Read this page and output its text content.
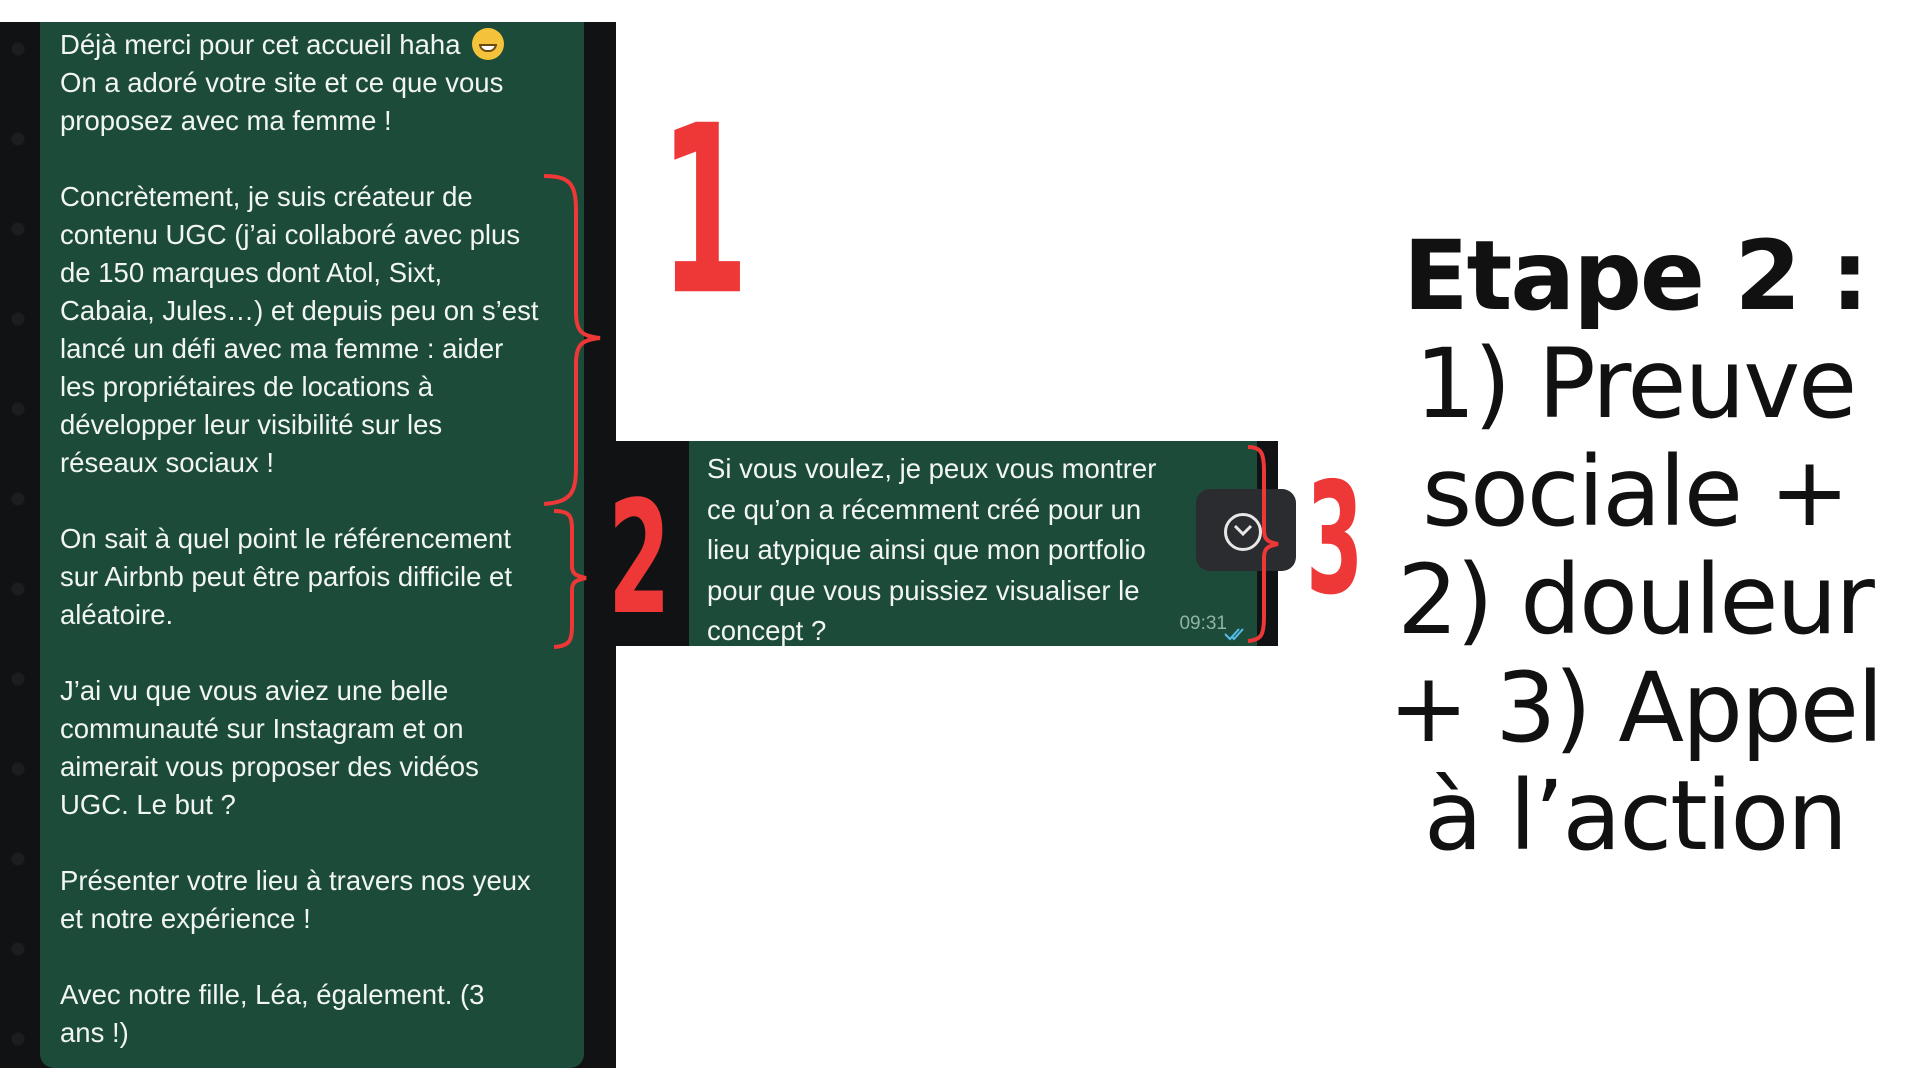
Déjà merci pour cet accueil haha
On a adoré votre site et ce que vous
proposez avec ma femme !

Concrètement, je suis créateur de
contenu UGC (j’ai collaboré avec plus
de 150 marques dont Atol, Sixt,
Cabaia, Jules…) et depuis peu on s’est
lancé un défi avec ma femme : aider
les propriétaires de locations à
développer leur visibilité sur les
réseaux sociaux !

On sait à quel point le référencement
sur Airbnb peut être parfois difficile et
aléatoire.

J’ai vu que vous aviez une belle
communauté sur Instagram et on
aimerait vous proposer des vidéos
UGC. Le but ?

Présenter votre lieu à travers nos yeux
et notre expérience !

Avec notre fille, Léa, également. (3
ans !)

Si vous voulez, je peux vous montrer
ce qu’on a récemment créé pour un
lieu atypique ainsi que mon portfolio
pour que vous puissiez visualiser le
concept ?	09:31
1
2	3
Etape 2 :
1) Preuve
sociale +
2) douleur
+ 3) Appel
à l’action
